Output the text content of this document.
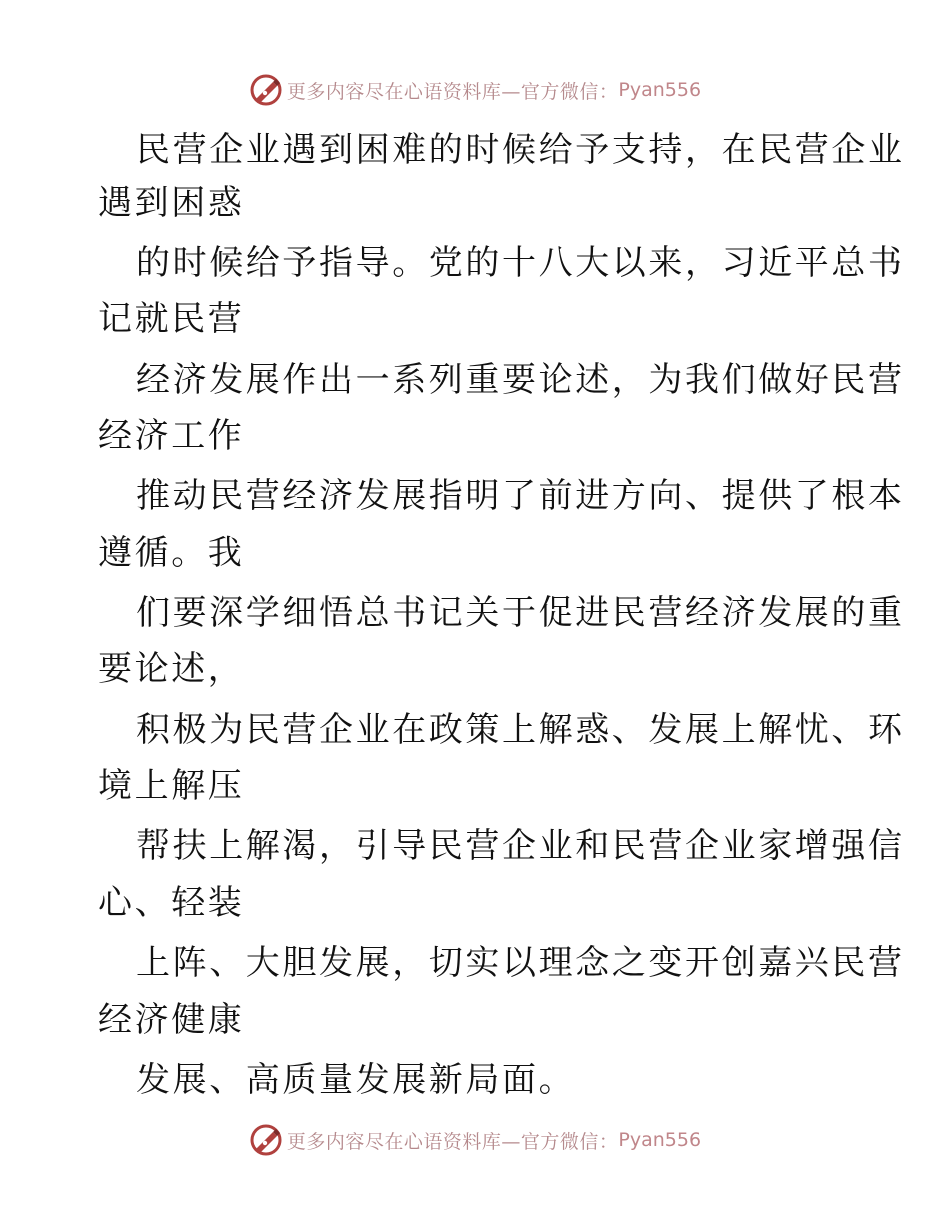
更多内容尽在心语资料库—官方微信： Pyan556
民营企业遇到困难的时候给予支持，在民营企业
遇到困惑
的时候给予指导。党的十八大以来，习近平总书
记就民营
经济发展作出一系列重要论述，为我们做好民营
经济工作
推动民营经济发展指明了前进方向、提供了根本
遵循。我
们要深学细悟总书记关于促进民营经济发展的重
要论述，
积极为民营企业在政策上解惑、发展上解忧、环
境上解压
帮扶上解渴，引导民营企业和民营企业家增强信
心、轻装
上阵、大胆发展，切实以理念之变开创嘉兴民营
经济健康
发展、高质量发展新局面。
更多内容尽在心语资料库—官方微信： Pyan556
